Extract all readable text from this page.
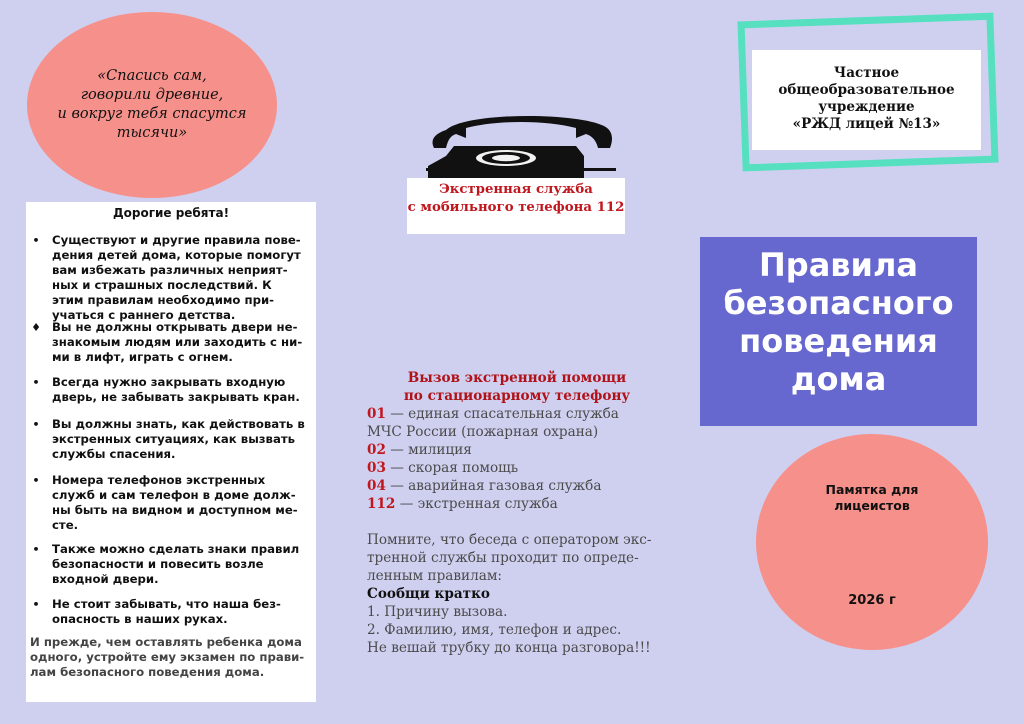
«Спасись сам,
говорили древние,
и вокруг тебя спасутся
тысячи»
Дорогие ребята!
• Существуют и другие правила пове-
дения детей дома, которые помогут
вам избежать различных неприят-
ных и страшных последствий. К
этим правилам необходимо при-
учаться с раннего детства.
♦ Вы не должны открывать двери не-
знакомым людям или заходить с ни-
ми в лифт, играть с огнем.
• Всегда нужно закрывать входную
дверь, не забывать закрывать кран.
• Вы должны знать, как действовать в
экстренных ситуациях, как вызвать
службы спасения.
• Номера телефонов экстренных
служб и сам телефон в доме долж-
ны быть на видном и доступном ме-
сте.
• Также можно сделать знаки правил
безопасности и повесить возле
входной двери.
• Не стоит забывать, что наша без-
опасность в наших руках.
И прежде, чем оставлять ребенка дома
одного, устройте ему экзамен по прави-
лам безопасного поведения дома.
Экстренная служба
с мобильного телефона 112
Вызов экстренной помощи
по стационарному телефону
01 — единая спасательная служба
МЧС России (пожарная охрана)
02 — милиция
03 — скорая помощь
04 — аварийная газовая служба
112 — экстренная служба
Помните, что беседа с оператором экс-
тренной службы проходит по опреде-
ленным правилам:
Сообщи кратко
1. Причину вызова.
2. Фамилию, имя, телефон и адрес.
Не вешай трубку до конца разговора!!!
Частное
общеобразовательное
учреждение
«РЖД лицей №13»
Правила
безопасного
поведения
дома
Памятка для
лицеистов
2026 г
